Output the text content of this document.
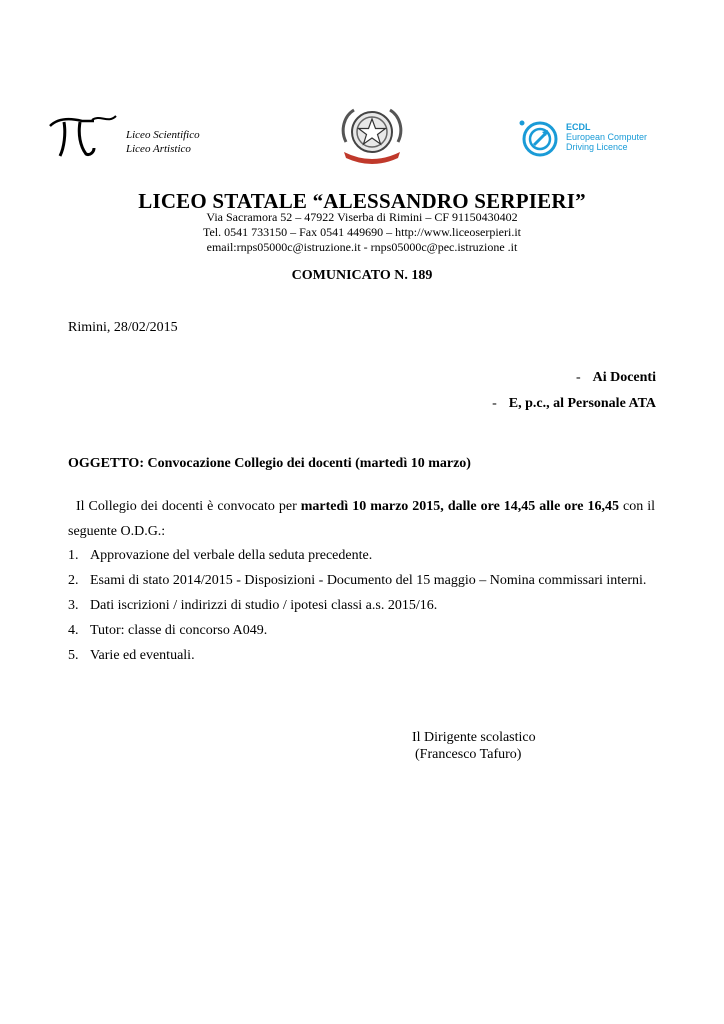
Liceo Scientifico
Liceo Artistico
ECDL
European Computer
Driving Licence
LICEO STATALE “ALESSANDRO SERPIERI”
Via Sacramora 52 – 47922 Viserba di Rimini – CF 91150430402
Tel. 0541 733150 – Fax 0541 449690 – http://www.liceoserpieri.it
email:rnps05000c@istruzione.it - rnps05000c@pec.istruzione .it
COMUNICATO N. 189
Rimini, 28/02/2015
- Ai Docenti
- E, p.c., al Personale ATA
OGGETTO: Convocazione Collegio dei docenti (martedì 10 marzo)
Il Collegio dei docenti è convocato per martedì 10 marzo 2015, dalle ore 14,45 alle ore 16,45 con il seguente O.D.G.:
1. Approvazione del verbale della seduta precedente.
2. Esami di stato 2014/2015 - Disposizioni - Documento del 15 maggio – Nomina commissari interni.
3. Dati iscrizioni / indirizzi di studio / ipotesi classi a.s. 2015/16.
4. Tutor: classe di concorso A049.
5. Varie ed eventuali.
Il Dirigente scolastico
(Francesco Tafuro)
